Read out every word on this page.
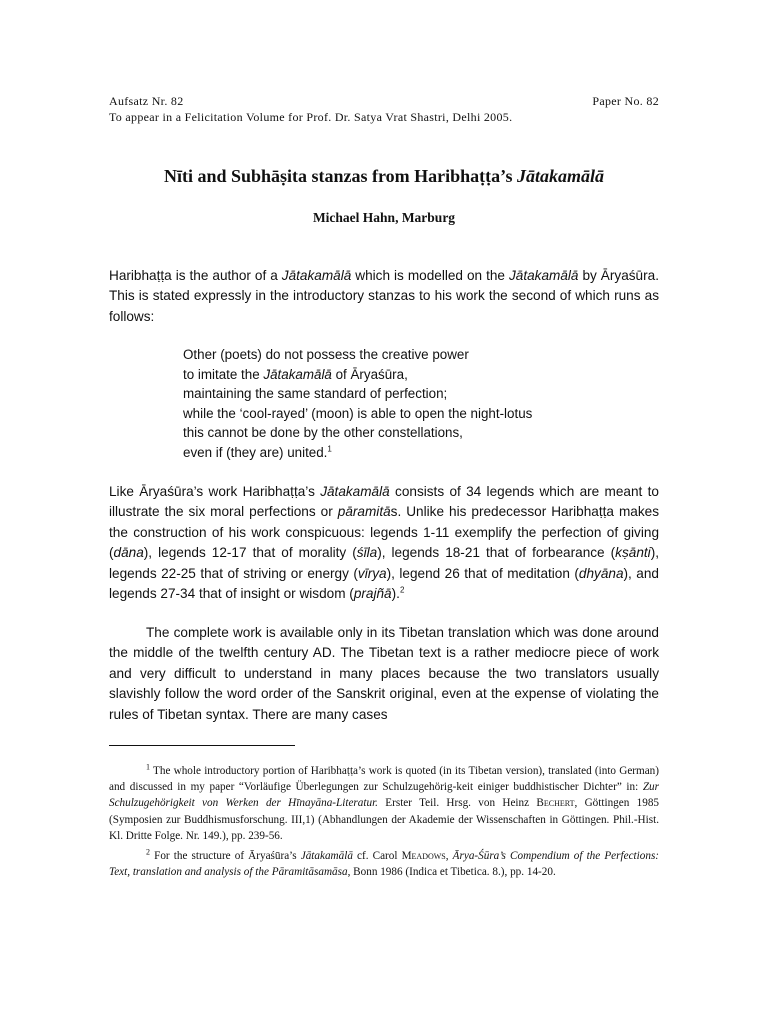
Aufsatz Nr. 82	Paper No. 82
To appear in a Felicitation Volume for Prof. Dr. Satya Vrat Shastri, Delhi 2005.
Nīti and Subhāṣita stanzas from Haribhaṭṭa’s Jātakamālā
Michael Hahn, Marburg

Haribhaṭṭa is the author of a Jātakamālā which is modelled on the Jātakamālā by Āryaśūra. This is stated expressly in the introductory stanzas to his work the second of which runs as follows:

Other (poets) do not possess the creative power
to imitate the Jātakamālā of Āryaśūra,
maintaining the same standard of perfection;
while the ‘cool-rayed’ (moon) is able to open the night-lotus
this cannot be done by the other constellations,
even if (they are) united.$^1$

Like Āryaśūra’s work Haribhaṭṭa’s Jātakamālā consists of 34 legends which are meant to illustrate the six moral perfections or pāramitās. Unlike his predecessor Haribhaṭṭa makes the construction of his work conspicuous: legends 1-11 exemplify the perfection of giving (dāna), legends 12-17 that of morality (śīla), legends 18-21 that of forbearance (kṣānti), legends 22-25 that of striving or energy (vīrya), legend 26 that of meditation (dhyāna), and legends 27-34 that of insight or wisdom (prajñā).$^2$

The complete work is available only in its Tibetan translation which was done around the middle of the twelfth century AD. The Tibetan text is a rather mediocre piece of work and very difficult to understand in many places because the two translators usually slavishly follow the word order of the Sanskrit original, even at the expense of violating the rules of Tibetan syntax. There are many cases

$^1$ The whole introductory portion of Haribhaṭṭa’s work is quoted (in its Tibetan version), translated (into German) and discussed in my paper “Vorläufige Überlegungen zur Schulzugehörig-keit einiger buddhistischer Dichter” in: Zur Schulzugehörigkeit von Werken der Hīnayāna-Literatur. Erster Teil. Hrsg. von Heinz Bechert, Göttingen 1985 (Symposien zur Buddhismusforschung. III,1) (Abhandlungen der Akademie der Wissenschaften in Göttingen. Phil.-Hist. Kl. Dritte Folge. Nr. 149.), pp. 239-56.

$^2$ For the structure of Āryaśūra’s Jātakamālā cf. Carol Meadows, Ārya-Śūra’s Compendium of the Perfections: Text, translation and analysis of the Pāramitāsamāsa, Bonn 1986 (Indica et Tibetica. 8.), pp. 14-20.
